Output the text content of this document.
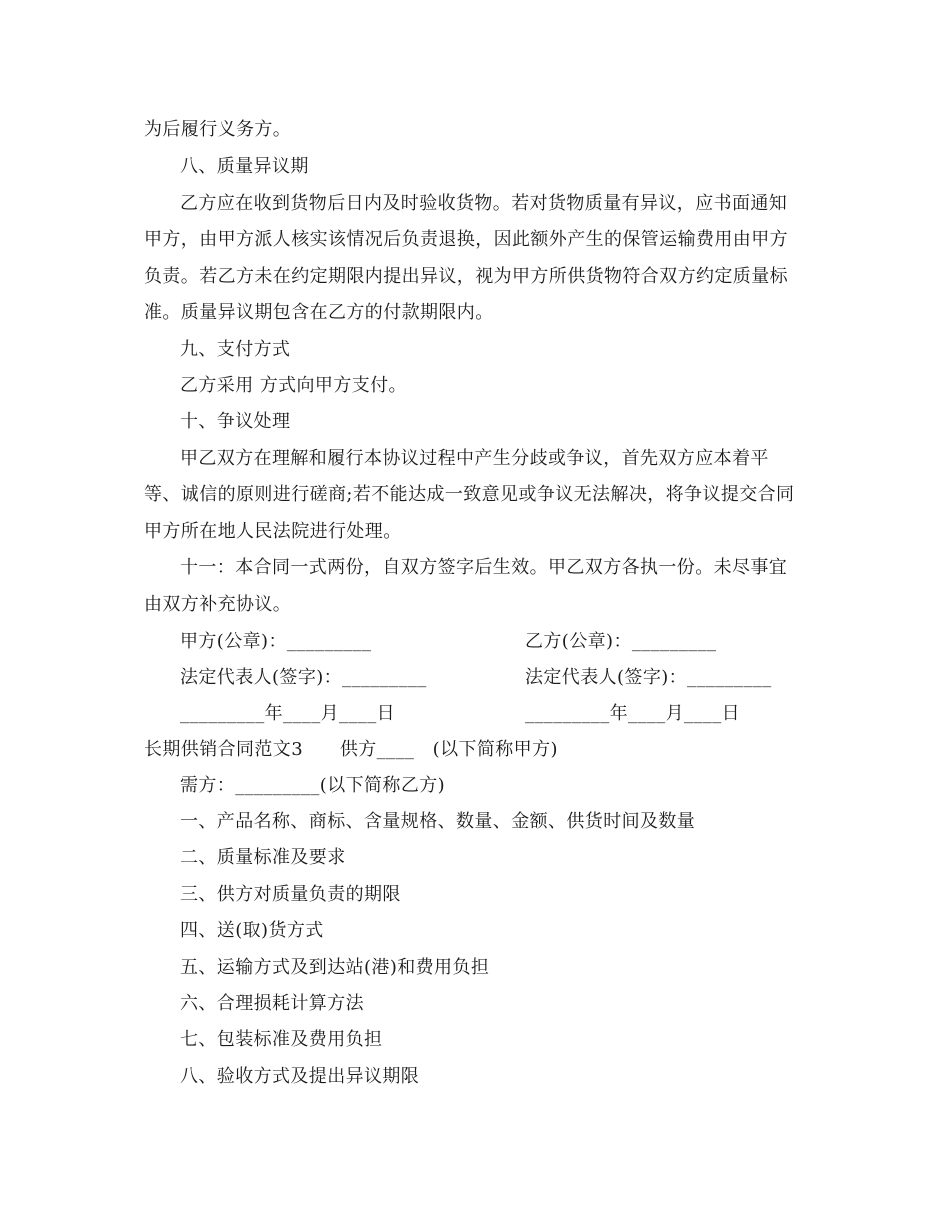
为后履行义务方。
八、质量异议期
乙方应在收到货物后日内及时验收货物。若对货物质量有异议，应书面通知
甲方，由甲方派人核实该情况后负责退换，因此额外产生的保管运输费用由甲方
负责。若乙方未在约定期限内提出异议，视为甲方所供货物符合双方约定质量标
准。质量异议期包含在乙方的付款期限内。
九、支付方式
乙方采用 方式向甲方支付。
十、争议处理
甲乙双方在理解和履行本协议过程中产生分歧或争议，首先双方应本着平
等、诚信的原则进行磋商;若不能达成一致意见或争议无法解决，将争议提交合同
甲方所在地人民法院进行处理。
十一：本合同一式两份，自双方签字后生效。甲乙双方各执一份。未尽事宜
由双方补充协议。
甲方(公章)：_________	乙方(公章)：_________
法定代表人(签字)：_________	法定代表人(签字)：_________
_________年____月____日	_________年____月____日
长期供销合同范文3　　供方____　(以下简称甲方)
需方：_________(以下简称乙方)
一、产品名称、商标、含量规格、数量、金额、供货时间及数量
二、质量标准及要求
三、供方对质量负责的期限
四、送(取)货方式
五、运输方式及到达站(港)和费用负担
六、合理损耗计算方法
七、包装标准及费用负担
八、验收方式及提出异议期限
